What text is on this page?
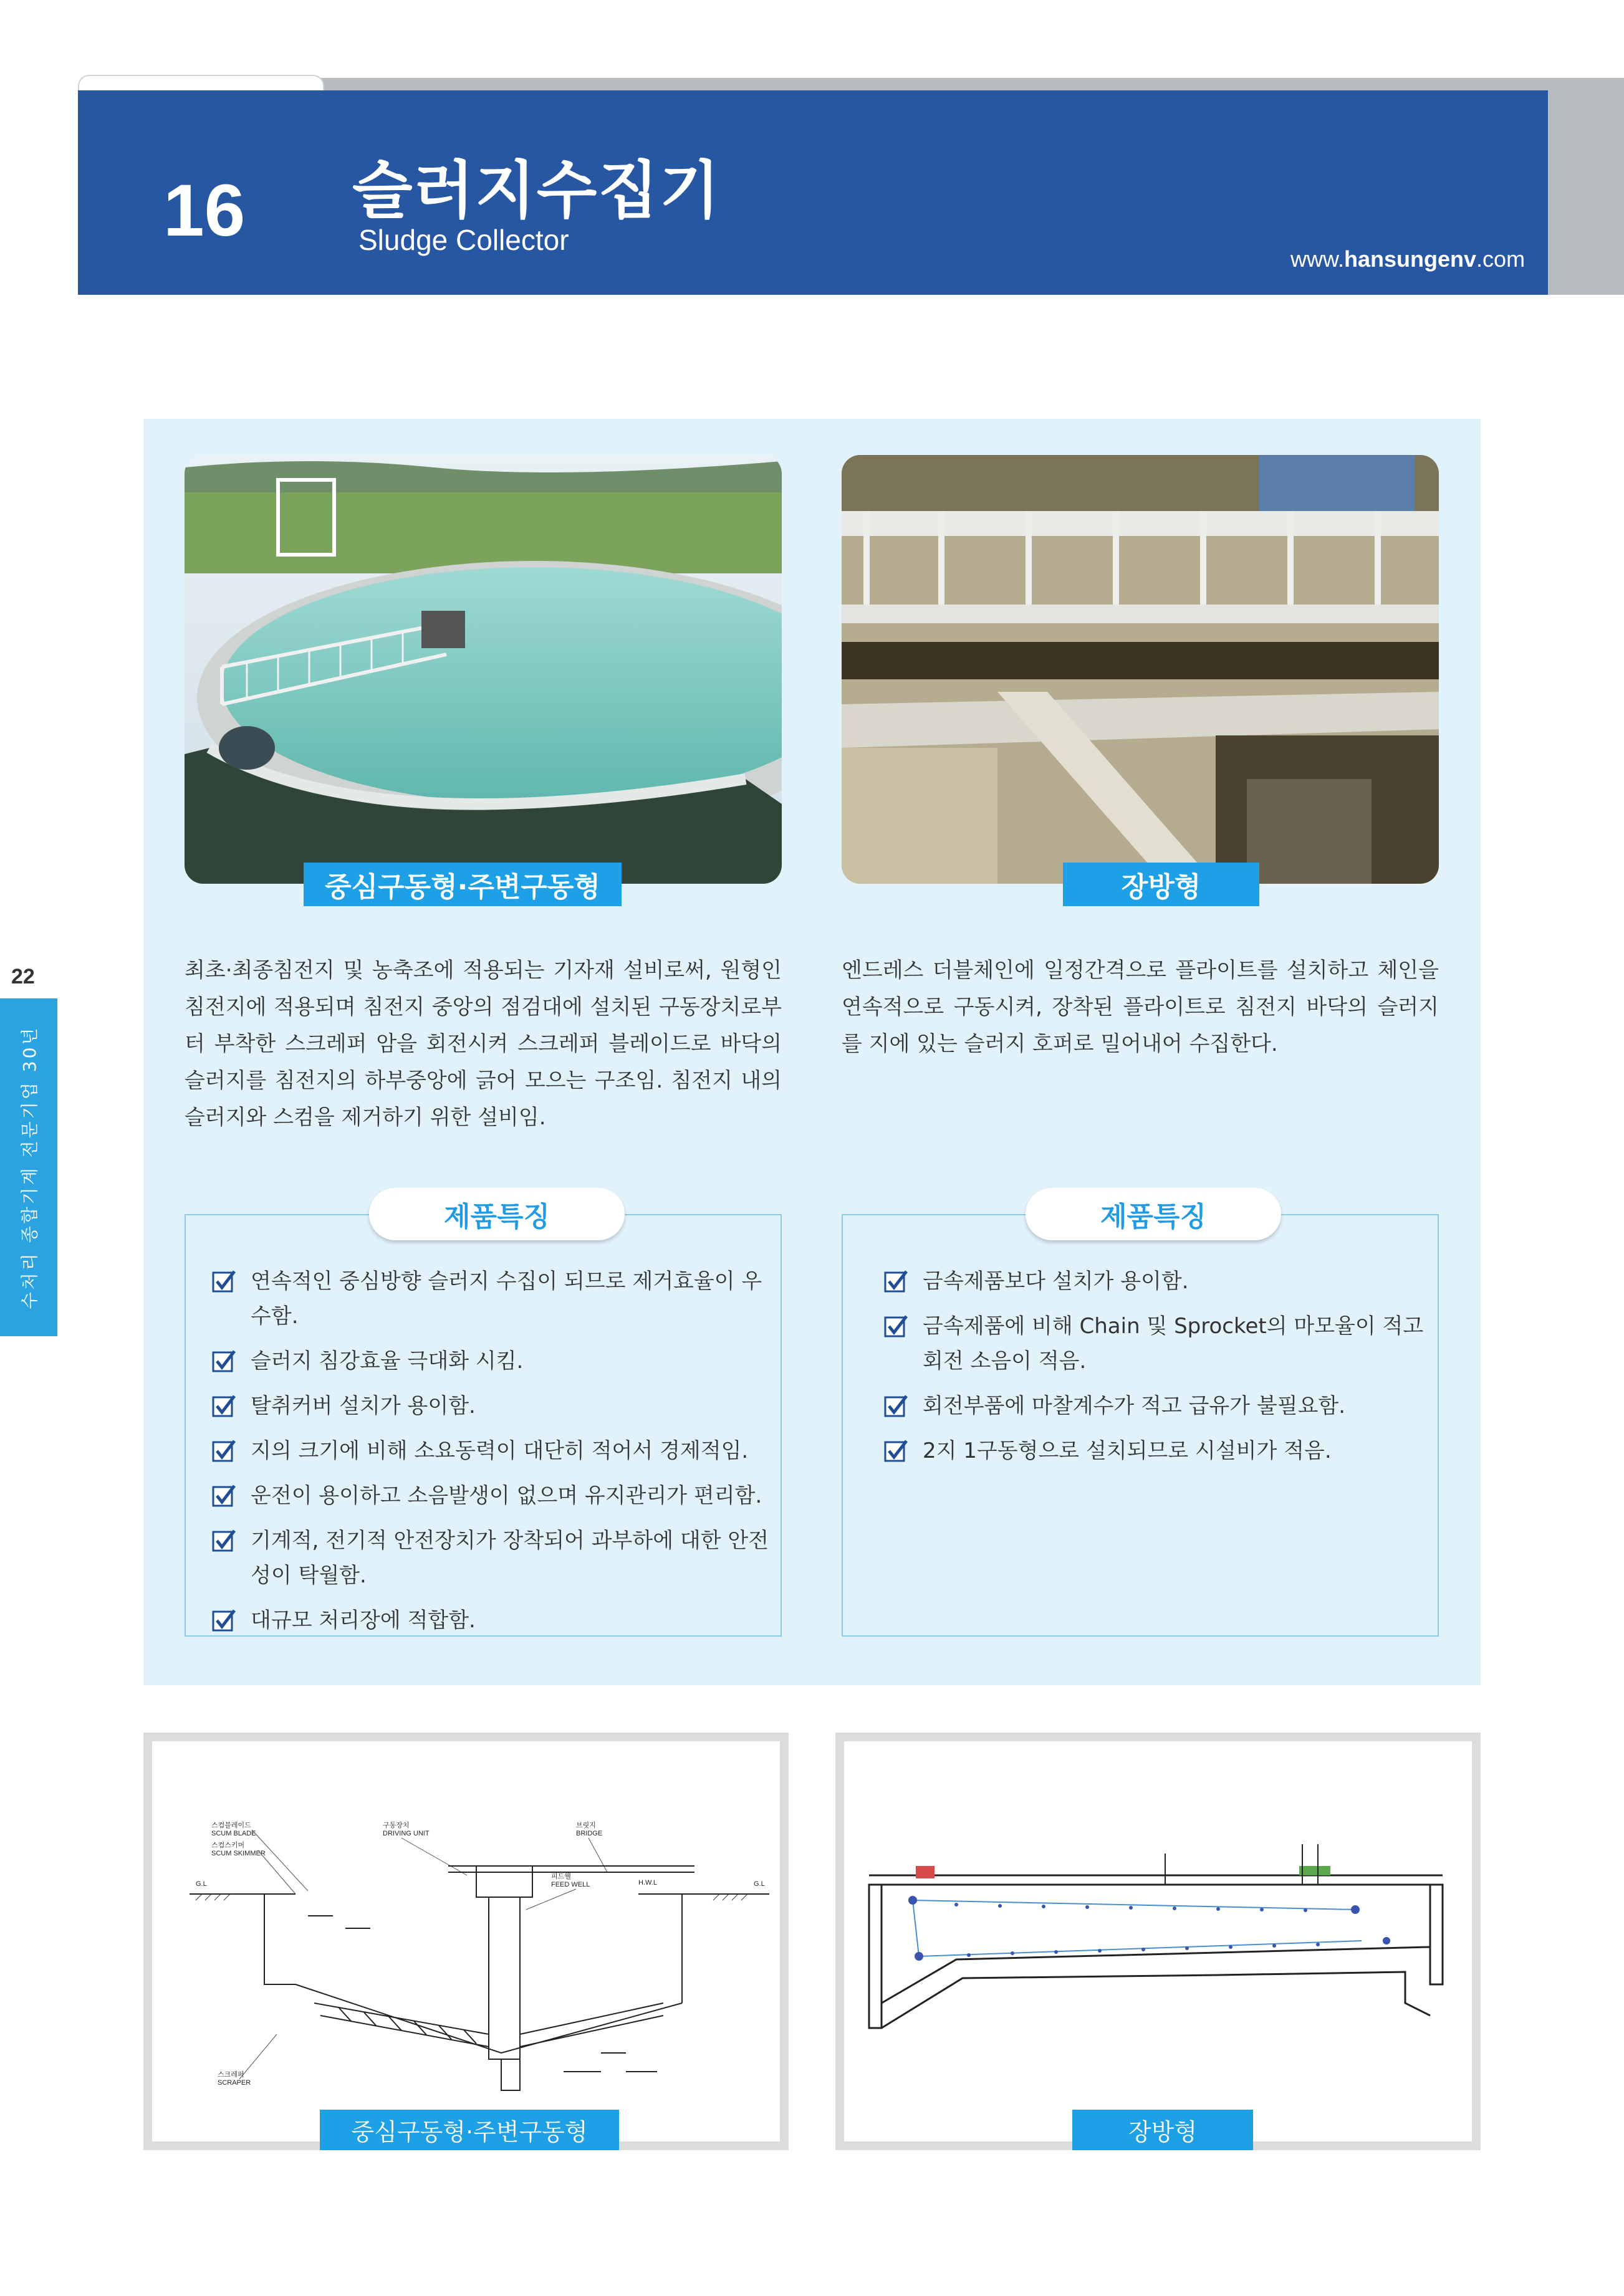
16 슬러지수집기
Sludge Collector
www.hansungenv.com
22
수처리 종합기계 전문기업 30년
중심구동형·주변구동형	장방형

최초·최종침전지 및 농축조에 적용되는 기자재 설비로써, 원형인 침전지에 적용되며 침전지 중앙의 점검대에 설치된 구동장치로부터 부착한 스크레퍼 암을 회전시켜 스크레퍼 블레이드로 바닥의 슬러지를 침전지의 하부중앙에 긁어 모으는 구조임. 침전지 내의 슬러지와 스컴을 제거하기 위한 설비임.

엔드레스 더블체인에 일정간격으로 플라이트를 설치하고 체인을 연속적으로 구동시켜, 장착된 플라이트로 침전지 바닥의 슬러지를 지에 있는 슬러지 호퍼로 밀어내어 수집한다.

제품특징
연속적인 중심방향 슬러지 수집이 되므로 제거효율이 우수함.
슬러지 침강효율 극대화 시킴.
탈취커버 설치가 용이함.
지의 크기에 비해 소요동력이 대단히 적어서 경제적임.
운전이 용이하고 소음발생이 없으며 유지관리가 편리함.
기계적, 전기적 안전장치가 장착되어 과부하에 대한 안전성이 탁월함.
대규모 처리장에 적합함.
제품특징
금속제품보다 설치가 용이함.
금속제품에 비해 Chain 및 Sprocket의 마모율이 적고 회전 소음이 적음.
회전부품에 마찰계수가 적고 급유가 불필요함.
2지 1구동형으로 설치되므로 시설비가 적음.
스컴블레이드
SCUM BLADE
스컴스키머
SCUM SKIMMER
구동장치
DRIVING UNIT
브릿지
BRIDGE
피드웰
FEED WELL	H.W.L
G.L	G.L
스크레퍼
SCRAPER
중심구동형·주변구동형	장방형
